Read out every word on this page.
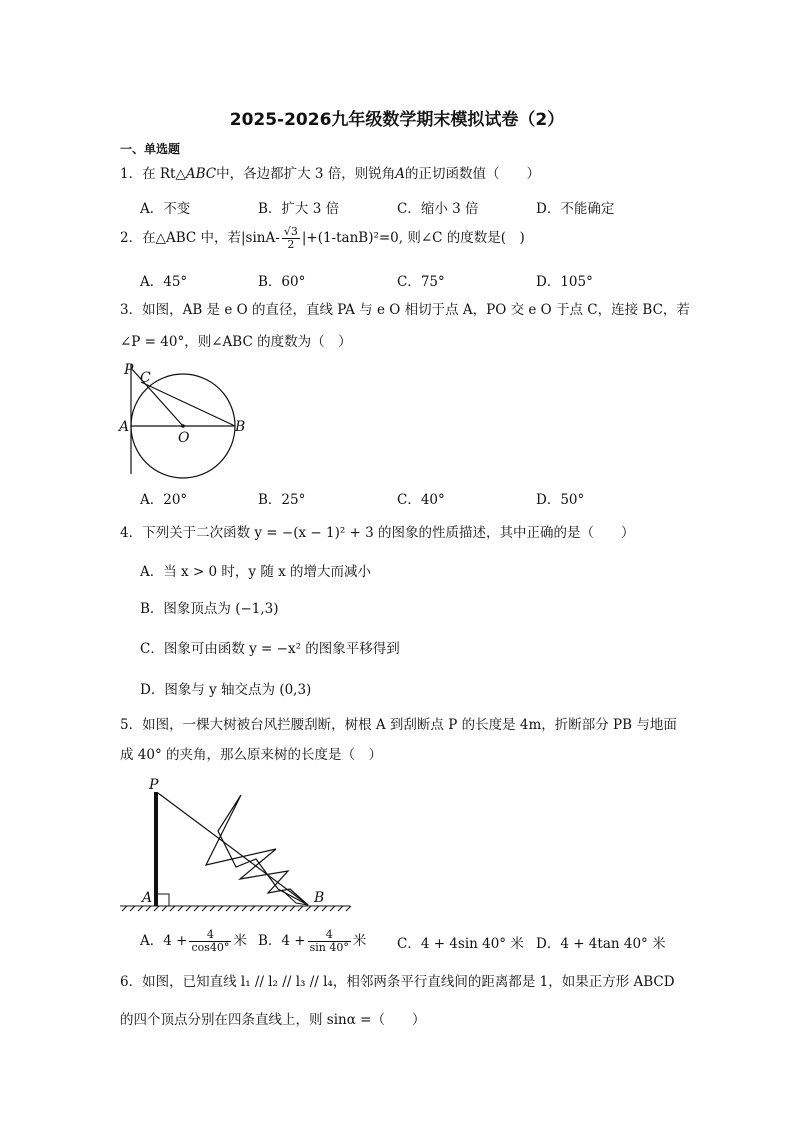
2025-2026九年级数学期末模拟试卷（2）
一、单选题
1．在 Rt△ABC中，各边都扩大 3 倍，则锐角A的正切函数值（　　）
A．不变	B．扩大 3 倍	C．缩小 3 倍	D．不能确定
2．在△ABC 中，若$|\sin A- \frac{√3}{2} |+(1-\tan B)^2=0$, 则∠C 的度数是(　)
A．45°	B．60°	C．75°	D．105°
3．如图，AB 是 e O 的直径，直线 PA 与 e O 相切于点 A，PO 交 e O 于点 C，连接 BC，若
∠P = 40°，则∠ABC 的度数为（　）
P C
A
O
B
A．20°	B．25°	C．40°	D．50°
4．下列关于二次函数 y = −(x − 1)² + 3 的图象的性质描述，其中正确的是（　　）
A．当 x > 0 时，y 随 x 的增大而减小
B．图象顶点为 (−1,3)
C．图象可由函数 y = −x² 的图象平移得到
D．图象与 y 轴交点为 (0,3)
5．如图，一棵大树被台风拦腰刮断，树根 A 到刮断点 P 的长度是 4m，折断部分 PB 与地面
成 40° 的夹角，那么原来树的长度是（　）
P
A	B
A．$4 + \frac{4}{\cos 40^\circ}$ 米 B．$4 + \frac{4}{\sin 40^\circ}$ 米 C．4 + 4sin 40° 米 D．4 + 4tan 40° 米
6．如图，已知直线 l₁ // l₂ // l₃ // l₄，相邻两条平行直线间的距离都是 1，如果正方形 ABCD
的四个顶点分别在四条直线上，则 sinα =（　　）
